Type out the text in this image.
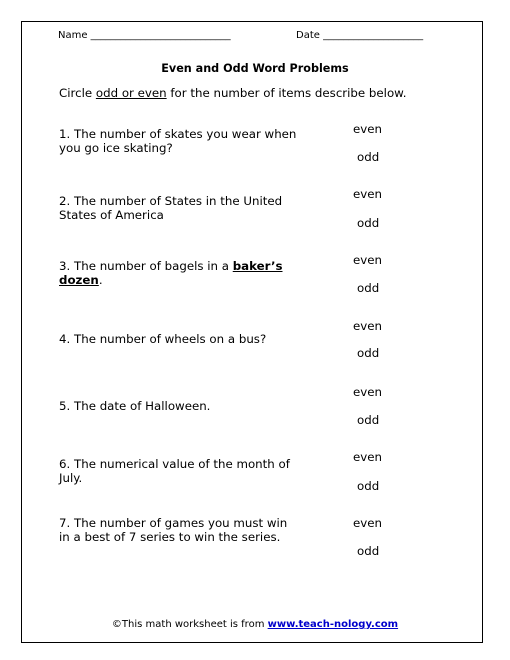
Name ____________________________	Date ____________________
Even and Odd Word Problems
Circle odd or even for the number of items describe below.
1. The number of skates you wear when you go ice skating?
even
odd
2. The number of States in the United States of America
even
odd
3. The number of bagels in a baker’s dozen.
even
odd
4. The number of wheels on a bus?
even
odd
5. The date of Halloween.
even
odd
6. The numerical value of the month of July.
even
odd
7. The number of games you must win in a best of 7 series to win the series.
even
odd
©This math worksheet is from www.teach-nology.com
